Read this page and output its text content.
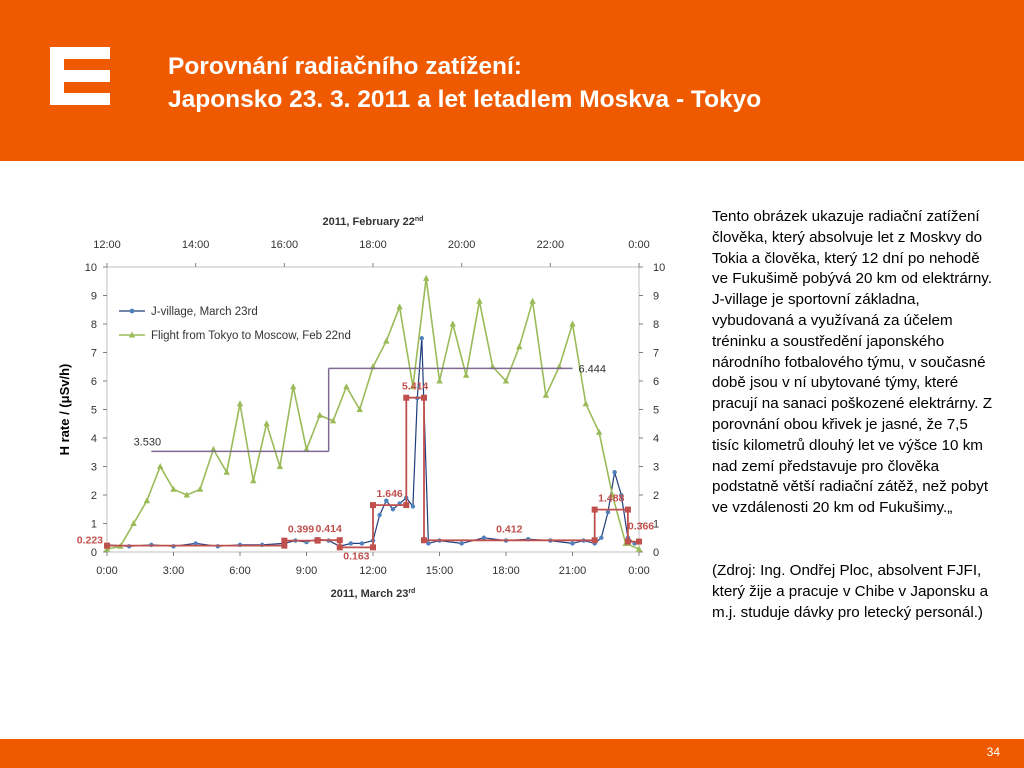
Porovnání radiačního zatížení:
Japonsko 23. 3. 2011 a let letadlem Moskva - Tokyo
0	0
1	1
2	2
3	3
4	4
5	5
6	6
7	7
8	8
9	9
10	10
0:00	3:00	6:00	9:00	12:00	15:00	18:00	21:00	0:00
12:00	14:00	16:00	18:00	20:00	22:00	0:00
2011, February 22nd
2011, March 23rd
H rate / (μSv/h)
0.223
0.399 0.414
0.163
1.646
5.414
0.412
1.488
0.366
3.530
6.444
J-village, March 23rd
Flight from Tokyo to Moscow, Feb 22nd

Tento obrázek ukazuje radiační zatížení člověka, který absolvuje let z Moskvy do Tokia a člověka, který 12 dní po nehodě ve Fukušimě pobývá 20 km od elektrárny. J-village je sportovní základna, vybudovaná a využívaná za účelem tréninku a soustředění japonského národního fotbalového týmu, v současné době jsou v ní ubytované týmy, které pracují na sanaci poškozené elektrárny. Z porovnání obou křivek je jasné, že 7,5 tisíc kilometrů dlouhý let ve výšce 10 km nad zemí představuje pro člověka podstatně větší radiační zátěž, než pobyt ve vzdálenosti 20 km od Fukušimy.„

(Zdroj: Ing. Ondřej Ploc, absolvent FJFI, který žije a pracuje v Chibe v Japonsku a m.j. studuje dávky pro letecký personál.)

34
